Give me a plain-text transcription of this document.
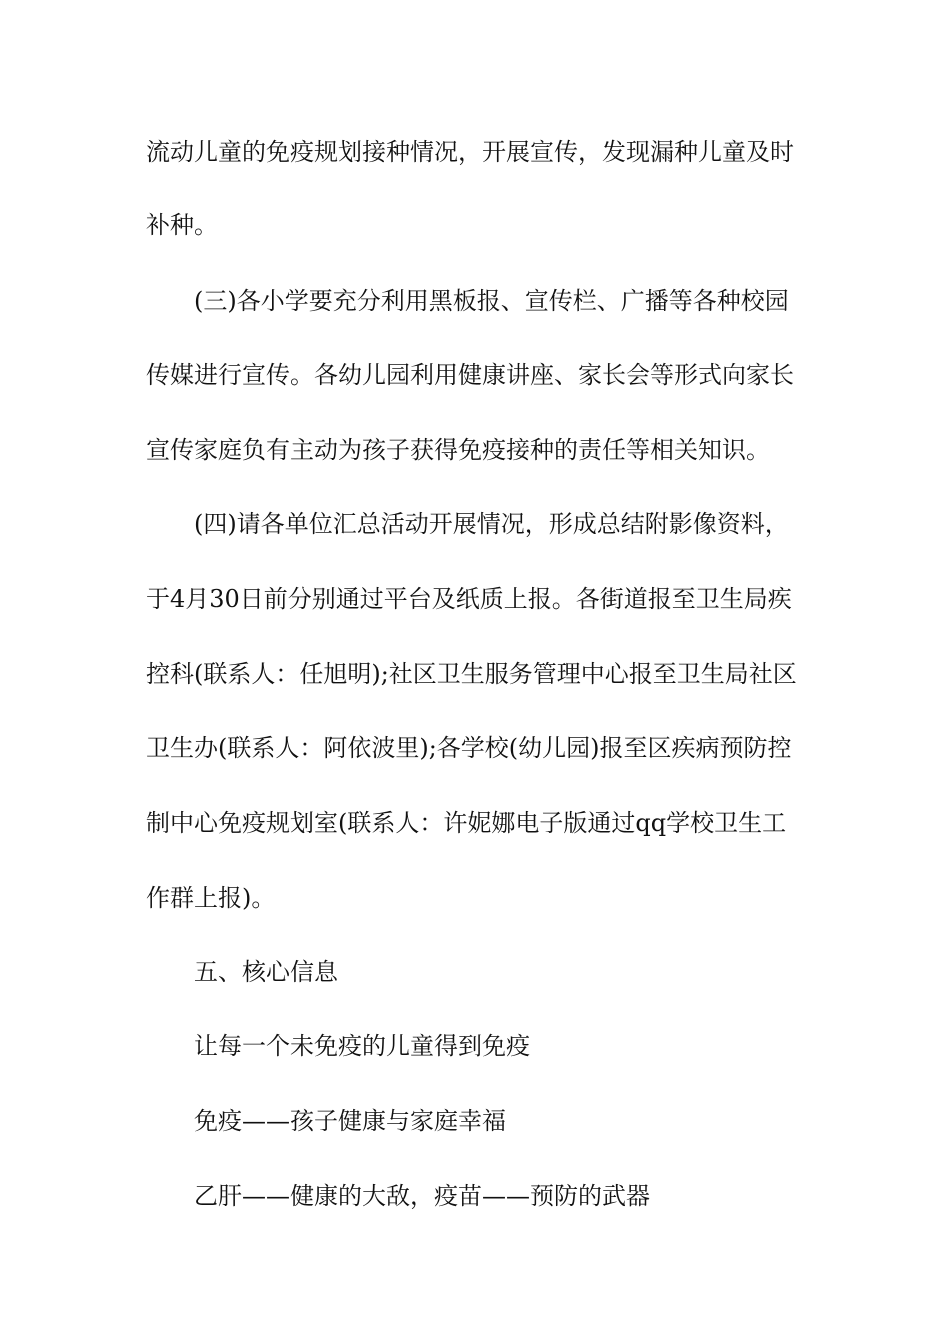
流动儿童的免疫规划接种情况，开展宣传，发现漏种儿童及时

补种。

(三)各小学要充分利用黑板报、宣传栏、广播等各种校园

传媒进行宣传。各幼儿园利用健康讲座、家长会等形式向家长

宣传家庭负有主动为孩子获得免疫接种的责任等相关知识。

(四)请各单位汇总活动开展情况，形成总结附影像资料，

于4月30日前分别通过平台及纸质上报。各街道报至卫生局疾

控科(联系人：任旭明);社区卫生服务管理中心报至卫生局社区

卫生办(联系人：阿依波里);各学校(幼儿园)报至区疾病预防控

制中心免疫规划室(联系人：许妮娜电子版通过qq学校卫生工

作群上报)。

五、核心信息

让每一个未免疫的儿童得到免疫

免疫——孩子健康与家庭幸福

乙肝——健康的大敌，疫苗——预防的武器
